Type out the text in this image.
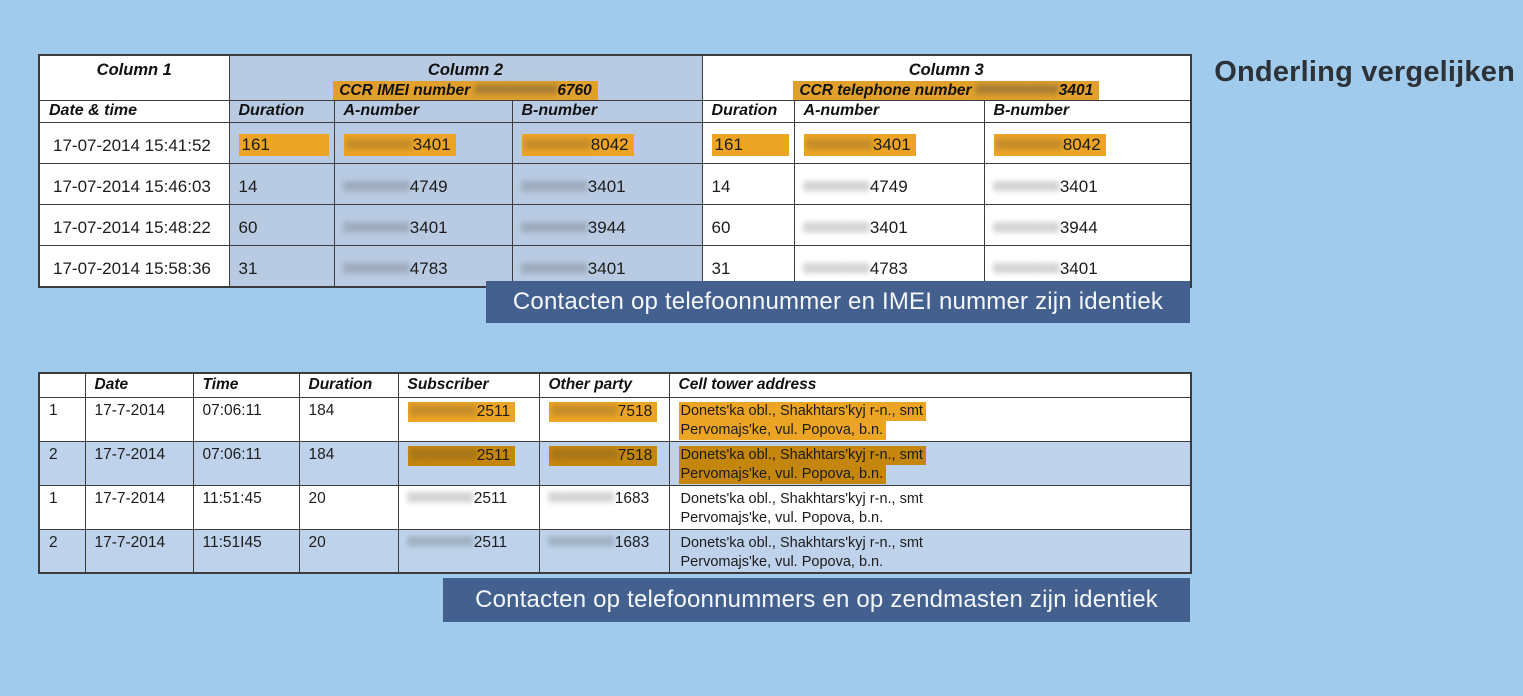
Onderling vergelijken
Column 1	Column 2
CCR IMEI number 00000000006760

Column 3
CCR telephone number 00000000003401

Date & time	Duration	A-number	B-number	Duration	A-number	B-number
17-07-2014 15:41:52	161	000000003401	000000008042	161	000000003401	000000008042
17-07-2014 15:46:03	14	000000004749	000000003401	14	000000004749	000000003401
17-07-2014 15:48:22	60	000000003401	000000003944	60	000000003401	000000003944
17-07-2014 15:58:36	31	000000004783	000000003401	31	000000004783	000000003401
Contacten op telefoonnummer en IMEI nummer zijn identiek
	Date	Time	Duration	Subscriber	Other party	Cell tower address
1	17-7-2014	07:06:11	184	000000002511	000000007518	Donets'ka obl., Shakhtars'kyj r-n., smt
Pervomajs'ke, vul. Popova, b.n.

2	17-7-2014	07:06:11	184	000000002511	000000007518	Donets'ka obl., Shakhtars'kyj r-n., smt
Pervomajs'ke, vul. Popova, b.n.

1	17-7-2014	11:51:45	20	000000002511	000000001683	Donets'ka obl., Shakhtars'kyj r-n., smt
Pervomajs'ke, vul. Popova, b.n.

2	17-7-2014	11:51I45	20	000000002511	000000001683	Donets'ka obl., Shakhtars'kyj r-n., smt
Pervomajs'ke, vul. Popova, b.n.
Contacten op telefoonnummers en op zendmasten zijn identiek
